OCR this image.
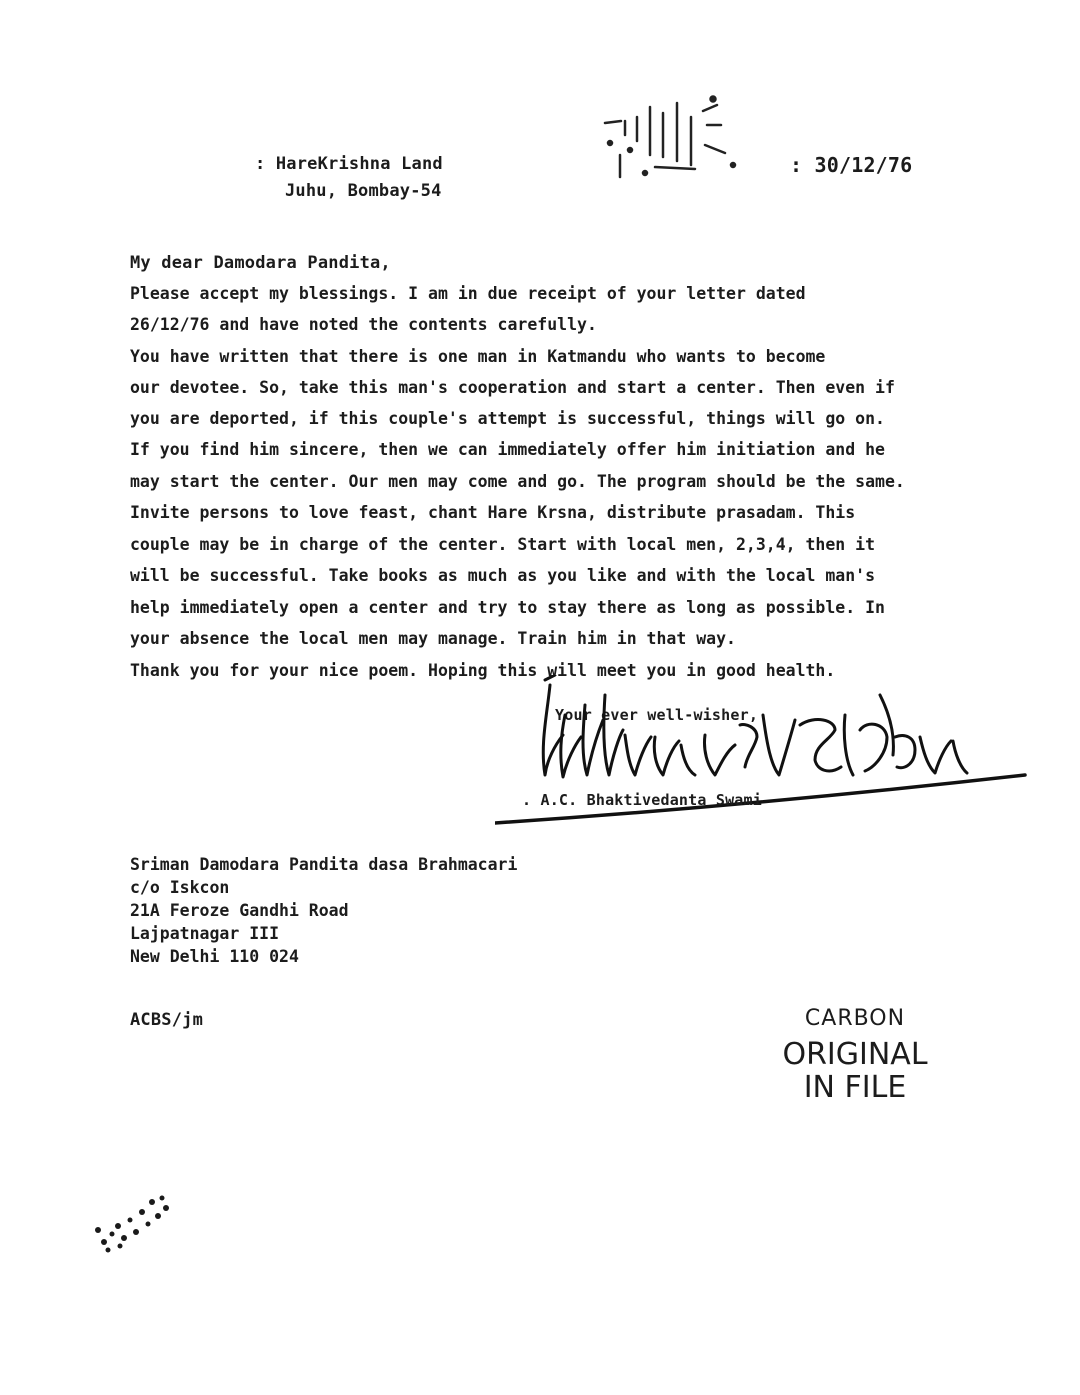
: HareKrishna Land
Juhu, Bombay-54
: 30/12/76
My dear Damodara Pandita,
Please accept my blessings. I am in due receipt of your letter dated
26/12/76 and have noted the contents carefully.
You have written that there is one man in Katmandu who wants to become
our devotee. So, take this man's cooperation and start a center. Then even if
you are deported, if this couple's attempt is successful, things will go on.
If you find him sincere, then we can immediately offer him initiation and he
may start the center. Our men may come and go. The program should be the same.
Invite persons to love feast, chant Hare Krsna, distribute prasadam. This
couple may be in charge of the center. Start with local men, 2,3,4, then it
will be successful. Take books as much as you like and with the local man's
help immediately open a center and try to stay there as long as possible. In
your absence the local men may manage. Train him in that way.
Thank you for your nice poem. Hoping this will meet you in good health.
Your ever well-wisher,
. A.C. Bhaktivedanta Swami
Sriman Damodara Pandita dasa Brahmacari
c/o Iskcon
21A Feroze Gandhi Road
Lajpatnagar III
New Delhi 110 024
ACBS/jm	CARBON
ORIGINAL
IN FILE
